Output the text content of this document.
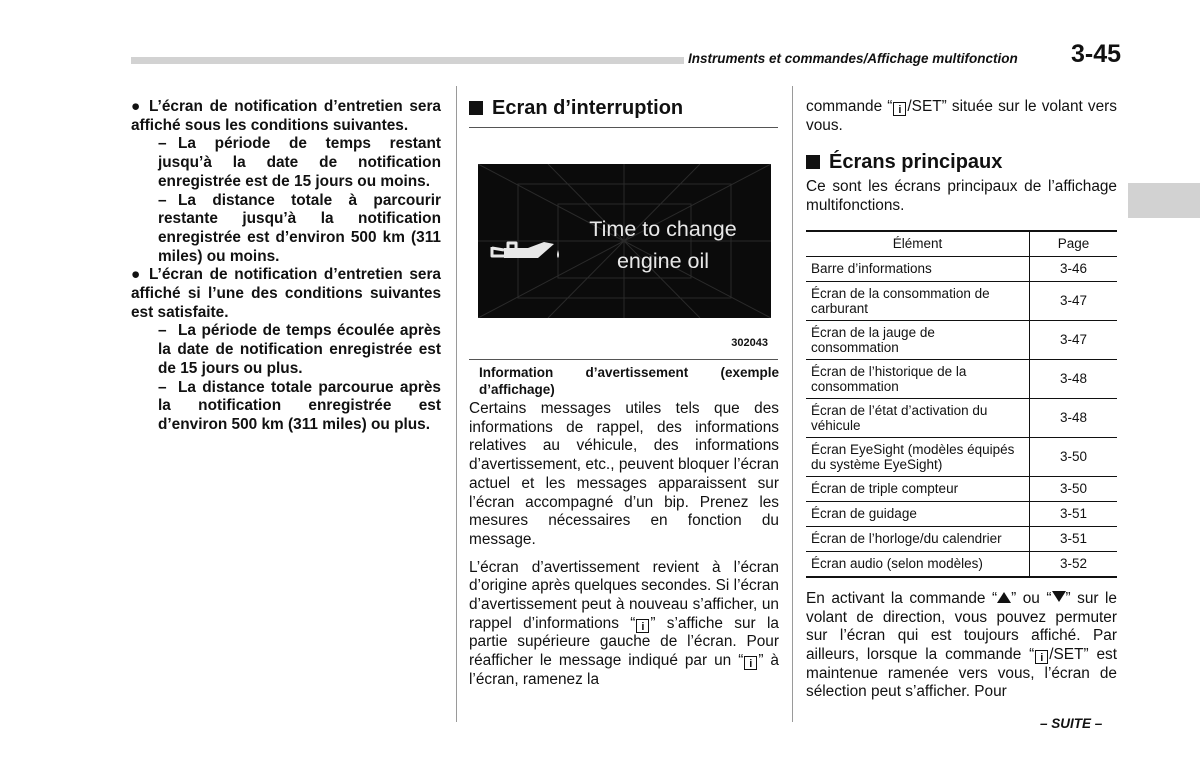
Instruments et commandes/Affichage multifonction 3-45
● L’écran de notification d’entretien sera affiché sous les conditions suivantes.
– La période de temps restant jusqu’à la date de notification enregistrée est de 15 jours ou moins.
– La distance totale à parcourir restante jusqu’à la notification enregistrée est d’environ 500 km (311 miles) ou moins.
● L’écran de notification d’entretien sera affiché si l’une des conditions suivantes est satisfaite.
– La période de temps écoulée après la date de notification enregistrée est de 15 jours ou plus.
– La distance totale parcourue après la notification enregistrée est d’environ 500 km (311 miles) ou plus.
Ecran d’interruption
Time to change
engine oil
302043
Information d’avertissement (exemple d’affichage)
Certains messages utiles tels que des informations de rappel, des informations relatives au véhicule, des informations d’avertissement, etc., peuvent bloquer l’écran actuel et les messages apparaissent sur l’écran accompagné d’un bip. Prenez les mesures nécessaires en fonction du message.
L’écran d’avertissement revient à l’écran d’origine après quelques secondes. Si l’écran d’avertissement peut à nouveau s’afficher, un rappel d’informations “ i ” s’affiche sur la partie supérieure gauche de l’écran. Pour réafficher le message indiqué par un “ i ” à l’écran, ramenez la
commande “ i /SET” située sur le volant vers vous.
Écrans principaux
Ce sont les écrans principaux de l’affichage multifonctions.
Élément	Page
Barre d’informations	3-46
Écran de la consommation de carburant	3-47
Écran de la jauge de consommation	3-47
Écran de l’historique de la consommation	3-48
Écran de l’état d’activation du véhicule	3-48
Écran EyeSight (modèles équipés du système EyeSight)	3-50
Écran de triple compteur	3-50
Écran de guidage	3-51
Écran de l’horloge/du calendrier	3-51
Écran audio (selon modèles)	3-52
En activant la commande “ ” ou “ ” sur le volant de direction, vous pouvez permuter sur l’écran qui est toujours affiché. Par ailleurs, lorsque la commande “ i /SET” est maintenue ramenée vers vous, l’écran de sélection peut s’afficher. Pour
– SUITE –
